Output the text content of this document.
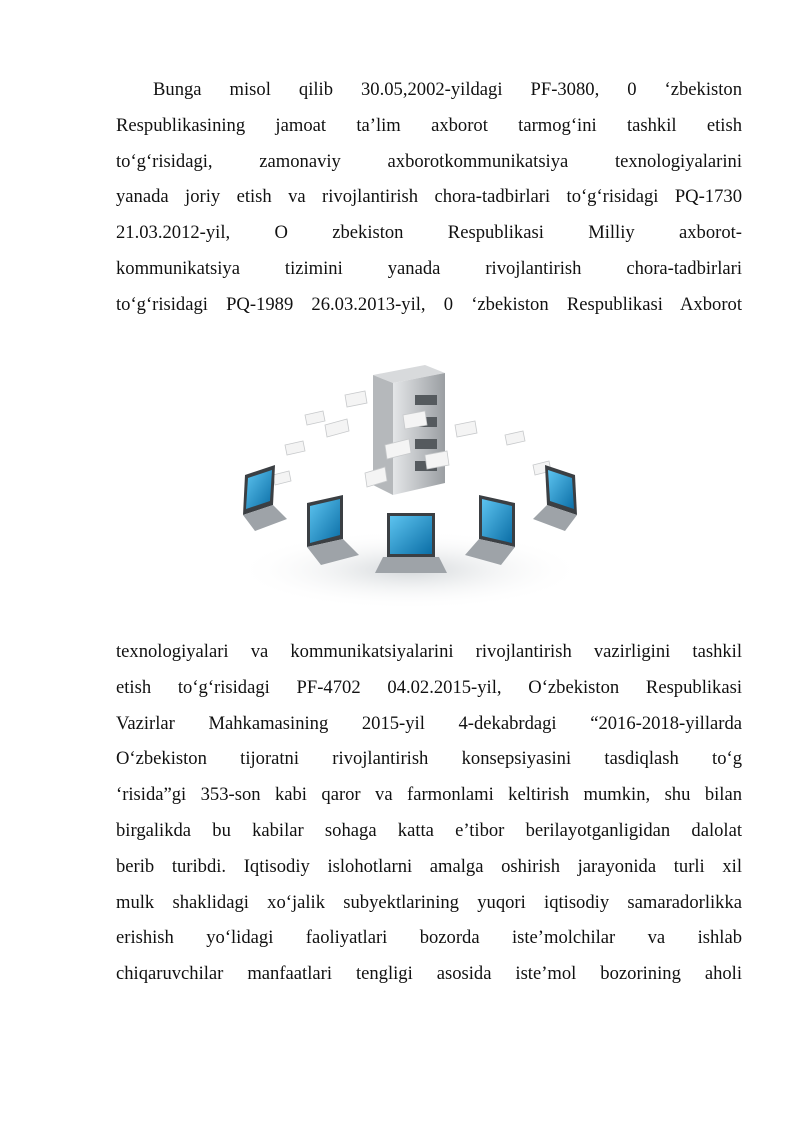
Bunga misol qilib 30.05,2002-yildagi PF-3080, 0 ‘zbekiston
Respublikasining jamoat ta’lim axborot tarmog‘ini tashkil etish
to‘g‘risidagi, zamonaviy axborotkommunikatsiya texnologiyalarini
yanada joriy etish va rivojlantirish chora-tadbirlari to‘g‘risidagi PQ-1730
21.03.2012-yil, O zbekiston Respublikasi Milliy axborot-
kommunikatsiya tizimini yanada rivojlantirish chora-tadbirlari
to‘g‘risidagi PQ-1989 26.03.2013-yil, 0 ‘zbekiston Respublikasi Axborot
texnologiyalari va kommunikatsiyalarini rivojlantirish vazirligini tashkil
etish to‘g‘risidagi PF-4702 04.02.2015-yil, O‘zbekiston Respublikasi
Vazirlar Mahkamasining 2015-yil 4-dekabrdagi “2016-2018-yillarda
O‘zbekiston tijoratni rivojlantirish konsepsiyasini tasdiqlash to‘g
‘risida”gi 353-son kabi qaror va farmonlami keltirish mumkin, shu bilan
birgalikda bu kabilar sohaga katta e’tibor berilayotganligidan dalolat
berib turibdi. Iqtisodiy islohotlarni amalga oshirish jarayonida turli xil
mulk shaklidagi xo‘jalik subyektlarining yuqori iqtisodiy samaradorlikka
erishish yo‘lidagi faoliyatlari bozorda iste’molchilar va ishlab
chiqaruvchilar manfaatlari tengligi asosida iste’mol bozorining aholi
